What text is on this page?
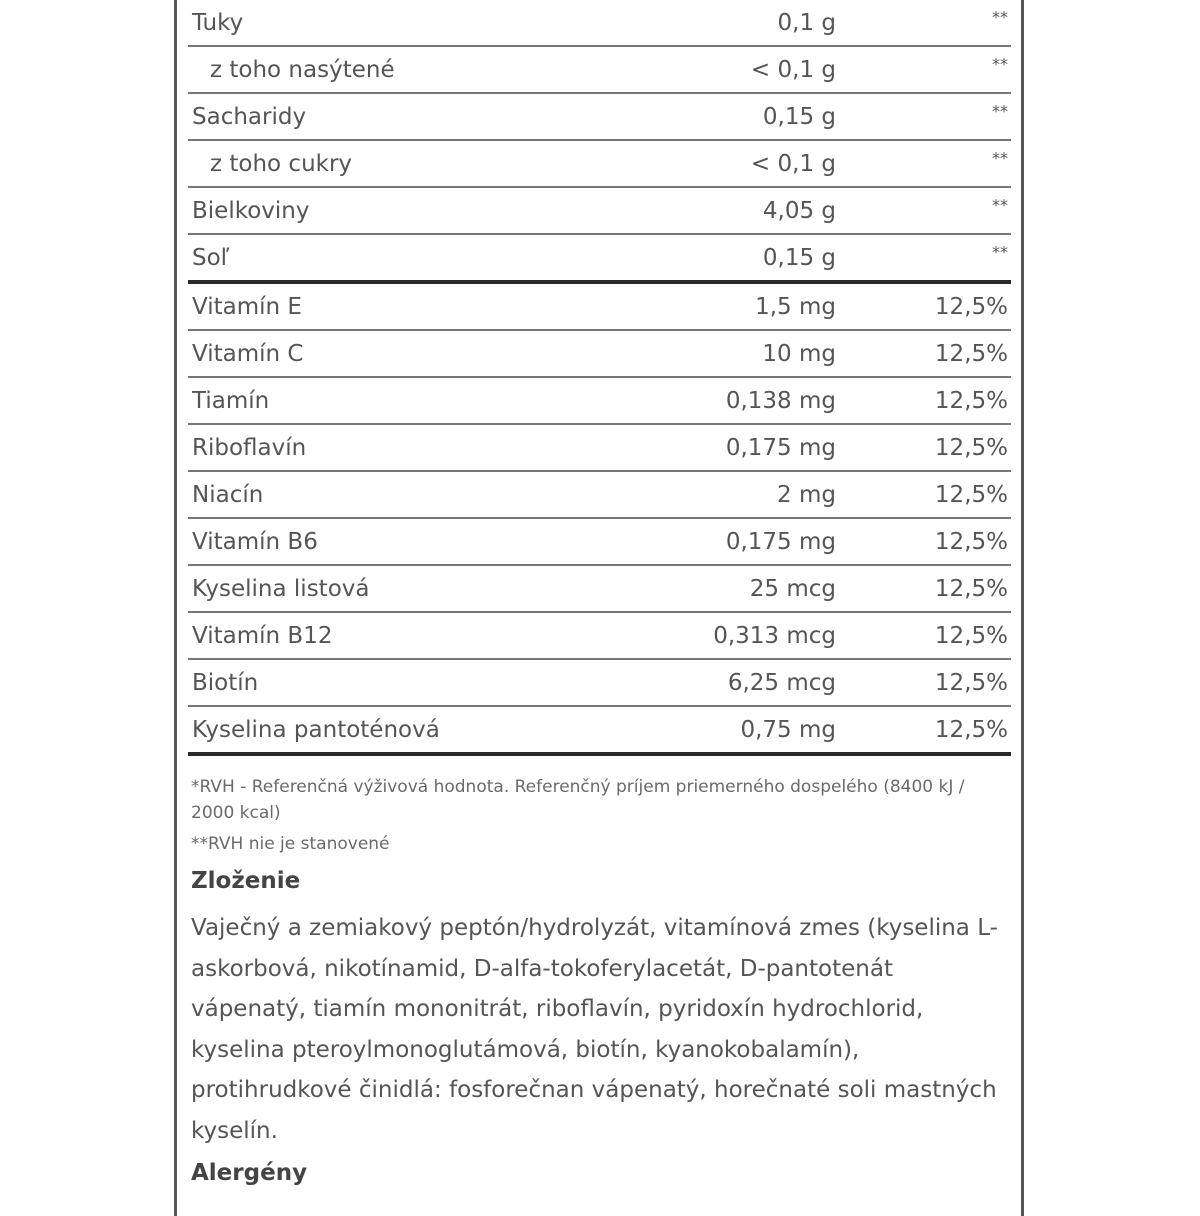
Tuky	0,1 g	**
z toho nasýtené	< 0,1 g	**
Sacharidy	0,15 g	**
z toho cukry	< 0,1 g	**
Bielkoviny	4,05 g	**
Soľ	0,15 g	**
Vitamín E	1,5 mg	12,5%
Vitamín C	10 mg	12,5%
Tiamín	0,138 mg	12,5%
Riboflavín	0,175 mg	12,5%
Niacín	2 mg	12,5%
Vitamín B6	0,175 mg	12,5%
Kyselina listová	25 mcg	12,5%
Vitamín B12	0,313 mcg	12,5%
Biotín	6,25 mcg	12,5%
Kyselina pantoténová	0,75 mg	12,5%

*RVH - Referenčná výživová hodnota. Referenčný príjem priemerného dospelého (8400 kJ / 2000 kcal)

**RVH nie je stanovené

Zloženie
Vaječný a zemiakový peptón/hydrolyzát, vitamínová zmes (kyselina L-askorbová, nikotínamid, D-alfa-tokoferylacetát, D-pantotenát vápenatý, tiamín mononitrát, riboflavín, pyridoxín hydrochlorid, kyselina pteroylmonoglutámová, biotín, kyanokobalamín), protihrudkové činidlá: fosforečnan vápenatý, horečnaté soli mastných kyselín.
Alergény
